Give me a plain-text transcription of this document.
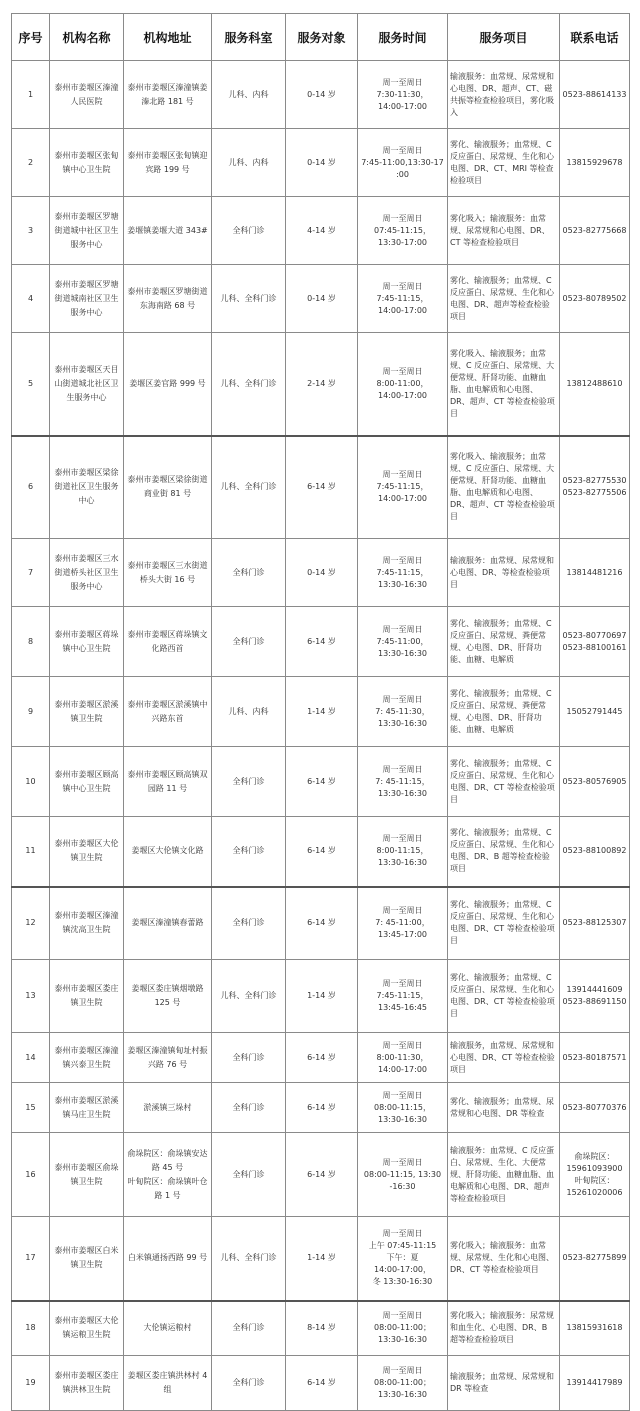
序号	机构名称	机构地址	服务科室	服务对象	服务时间	服务项目	联系电话
1	泰州市姜堰区溱潼人民医院	泰州市姜堰区溱潼镇姜溱北路 181 号	儿科、内科	0-14 岁	周一至周日
7:30-11:30，
14:00-17:00	输液服务：血常规、尿常规和心电图、DR、超声、CT、磁共振等检查检验项目，雾化吸入	0523-88614133
2	泰州市姜堰区张甸镇中心卫生院	泰州市姜堰区张甸镇迎宾路 199 号	儿科、内科	0-14 岁	周一至周日
7:45-11:00,13:30-17
:00	雾化、输液服务；血常规、C 反应蛋白、尿常规、生化和心电图、DR、CT、MRI 等检查检验项目	13815929678
3	泰州市姜堰区罗塘街道城中社区卫生服务中心	姜堰镇姜堰大道 343#	全科门诊	4-14 岁	周一至周日
07:45-11:15，
13:30-17:00	雾化吸入；输液服务：血常规、尿常规和心电图、DR、CT 等检查检验项目	0523-82775668
4	泰州市姜堰区罗塘街道城南社区卫生服务中心	泰州市姜堰区罗塘街道东海南路 68 号	儿科、全科门诊	0-14 岁	周一至周日
7:45-11:15，
14:00-17:00	雾化、输液服务；血常规、C 反应蛋白、尿常规、生化和心电图、DR、超声等检查检验项目	0523-80789502
5	泰州市姜堰区天目山街道城北社区卫生服务中心	姜堰区姜官路 999 号	儿科、全科门诊	2-14 岁	周一至周日
8:00-11:00，
14:00-17:00	雾化吸入、输液服务；血常规、C 反应蛋白、尿常规、大便常规、肝肾功能、血糖血脂、血电解质和心电图、DR、超声、CT 等检查检验项目	13812488610
6	泰州市姜堰区梁徐街道社区卫生服务中心	泰州市姜堰区梁徐街道商业街 81 号	儿科、全科门诊	6-14 岁	周一至周日
7:45-11:15，
14:00-17:00	雾化吸入、输液服务；血常规、C 反应蛋白、尿常规、大便常规、肝肾功能、血糖血脂、血电解质和心电图、DR、超声、CT 等检查检验项目	0523-82775530
0523-82775506
7	泰州市姜堰区三水街道桥头社区卫生服务中心	泰州市姜堰区三水街道桥头大街 16 号	全科门诊	0-14 岁	周一至周日
7:45-11:15，
13:30-16:30	输液服务：血常规、尿常规和心电图、DR、等检查检验项目	13814481216
8	泰州市姜堰区蒋垛镇中心卫生院	泰州市姜堰区蒋垛镇文化路西首	全科门诊	6-14 岁	周一至周日
7:45-11:00，
13:30-16:30	雾化、输液服务；血常规、C 反应蛋白、尿常规、粪便常规、心电图、DR、肝肾功能、血糖、电解质	0523-80770697
0523-88100161
9	泰州市姜堰区淤溪镇卫生院	泰州市姜堰区淤溪镇中兴路东首	儿科、内科	1-14 岁	周一至周日
7: 45-11:30，
13:30-16:30	雾化、输液服务；血常规、C 反应蛋白、尿常规、粪便常规、心电图、DR、肝肾功能、血糖、电解质	15052791445
10	泰州市姜堰区顾高镇中心卫生院	泰州市姜堰区顾高镇双园路 11 号	全科门诊	6-14 岁	周一至周日
7: 45-11:15，
13:30-16:30	雾化、输液服务；血常规、C 反应蛋白、尿常规、生化和心电图、DR、CT 等检查检验项目	0523-80576905
11	泰州市姜堰区大伦镇卫生院	姜堰区大伦镇文化路	全科门诊	6-14 岁	周一至周日
8:00-11:15，
13:30-16:30	雾化、输液服务；血常规、C 反应蛋白、尿常规、生化和心电图、DR、B 超等检查检验项目	0523-88100892
12	泰州市姜堰区溱潼镇沈高卫生院	姜堰区溱潼镇春蕾路	全科门诊	6-14 岁	周一至周日
7: 45-11:00，
13:45-17:00	雾化、输液服务；血常规、C 反应蛋白、尿常规、生化和心电图、DR、CT 等检查检验项目	0523-88125307
13	泰州市姜堰区娄庄镇卫生院	姜堰区娄庄镇烟墩路 125 号	儿科、全科门诊	1-14 岁	周一至周日
7:45-11:15，
13:45-16:45	雾化、输液服务；血常规、C 反应蛋白、尿常规、生化和心电图、DR、CT 等检查检验项目	13914441609
0523-88691150
14	泰州市姜堰区溱潼镇兴泰卫生院	姜堰区溱潼镇甸址村振兴路 76 号	全科门诊	6-14 岁	周一至周日
8:00-11:30，
14:00-17:00	输液服务，血常规、尿常规和心电图、DR、CT 等检查检验项目	0523-80187571
15	泰州市姜堰区淤溪镇马庄卫生院	淤溪镇三垛村	全科门诊	6-14 岁	周一至周日
08:00-11:15，
13:30-16:30	雾化、输液服务；血常规、尿常规和心电图、DR 等检查	0523-80770376
16	泰州市姜堰区俞垛镇卫生院	俞垛院区：俞垛镇安达路 45 号
叶甸院区：俞垛镇叶仓路 1 号	全科门诊	6-14 岁	周一至周日
08:00-11:15, 13:30
-16:30	输液服务：血常规、C 反应蛋白、尿常规、生化、大便常规、肝肾功能、血糖血脂、血电解质和心电图、DR、超声等检查检验项目	俞垛院区：
15961093900
叶甸院区：
15261020006
17	泰州市姜堰区白米镇卫生院	白米镇通扬西路 99 号	儿科、全科门诊	1-14 岁	周一至周日
上午 07:45-11:15
下午：夏
14:00-17:00，
冬 13:30-16:30	雾化吸入；输液服务：血常规、尿常规、生化和心电图、DR、CT 等检查检验项目	0523-82775899
18	泰州市姜堰区大伦镇运粮卫生院	大伦镇运粮村	全科门诊	8-14 岁	周一至周日
08:00-11:00；
13:30-16:30	雾化吸入；输液服务：尿常规和血生化、心电图、DR、B 超等检查检验项目	13815931618
19	泰州市姜堰区娄庄镇洪林卫生院	姜堰区娄庄镇洪林村 4 组	全科门诊	6-14 岁	周一至周日
08:00-11:00；
13:30-16:30	输液服务；血常规、尿常规和 DR 等检查	13914417989
